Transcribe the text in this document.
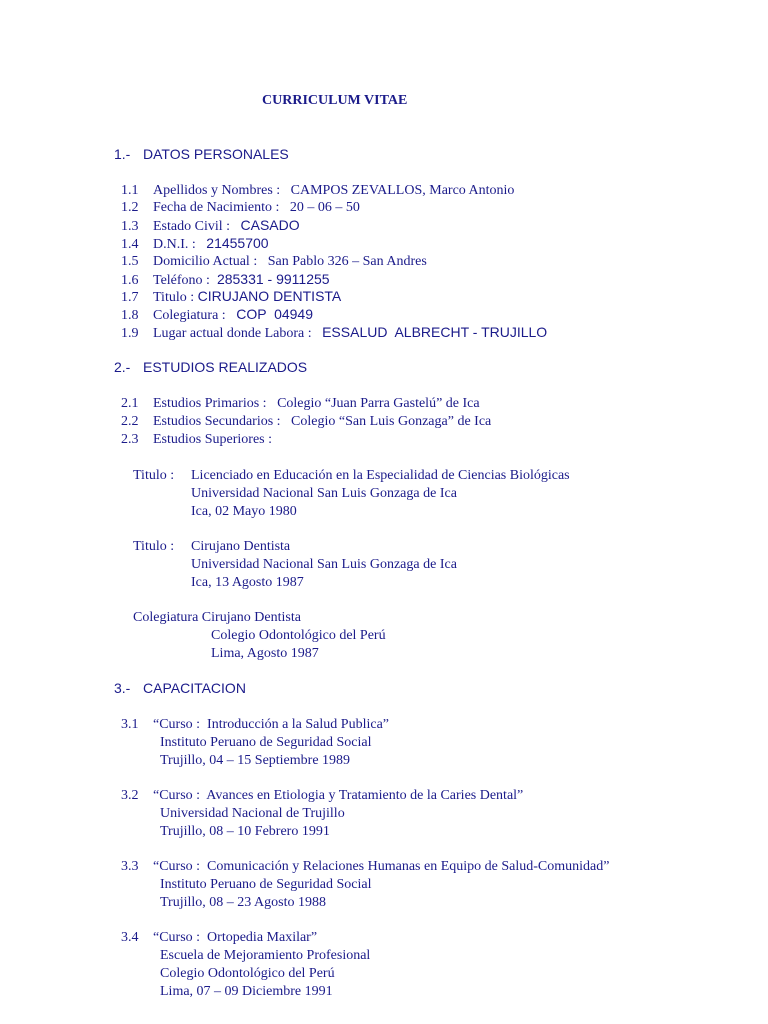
CURRICULUM VITAE
1.- DATOS PERSONALES
1.1 Apellidos y Nombres : CAMPOS ZEVALLOS, Marco Antonio
1.2 Fecha de Nacimiento : 20 – 06 – 50
1.3 Estado Civil : CASADO
1.4 D.N.I. : 21455700
1.5 Domicilio Actual : San Pablo 326 – San Andres
1.6 Teléfono : 285331 - 9911255
1.7 Titulo : CIRUJANO DENTISTA
1.8 Colegiatura : COP  04949
1.9 Lugar actual donde Labora : ESSALUD  ALBRECHT - TRUJILLO
2.- ESTUDIOS REALIZADOS
2.1 Estudios Primarios : Colegio “Juan Parra Gastelú” de Ica
2.2 Estudios Secundarios : Colegio “San Luis Gonzaga” de Ica
2.3 Estudios Superiores :
Titulo : Licenciado en Educación en la Especialidad de Ciencias Biológicas
Universidad Nacional San Luis Gonzaga de Ica
Ica, 02 Mayo 1980
Titulo : Cirujano Dentista
Universidad Nacional San Luis Gonzaga de Ica
Ica, 13 Agosto 1987
Colegiatura Cirujano Dentista
Colegio Odontológico del Perú
Lima, Agosto 1987
3.- CAPACITACION
3.1 “Curso :  Introducción a la Salud Publica”
Instituto Peruano de Seguridad Social
Trujillo, 04 – 15 Septiembre 1989
3.2 “Curso :  Avances en Etiologia y Tratamiento de la Caries Dental”
Universidad Nacional de Trujillo
Trujillo, 08 – 10 Febrero 1991
3.3 “Curso :  Comunicación y Relaciones Humanas en Equipo de Salud-Comunidad”
Instituto Peruano de Seguridad Social
Trujillo, 08 – 23 Agosto 1988
3.4 “Curso :  Ortopedia Maxilar”
Escuela de Mejoramiento Profesional
Colegio Odontológico del Perú
Lima, 07 – 09 Diciembre 1991
